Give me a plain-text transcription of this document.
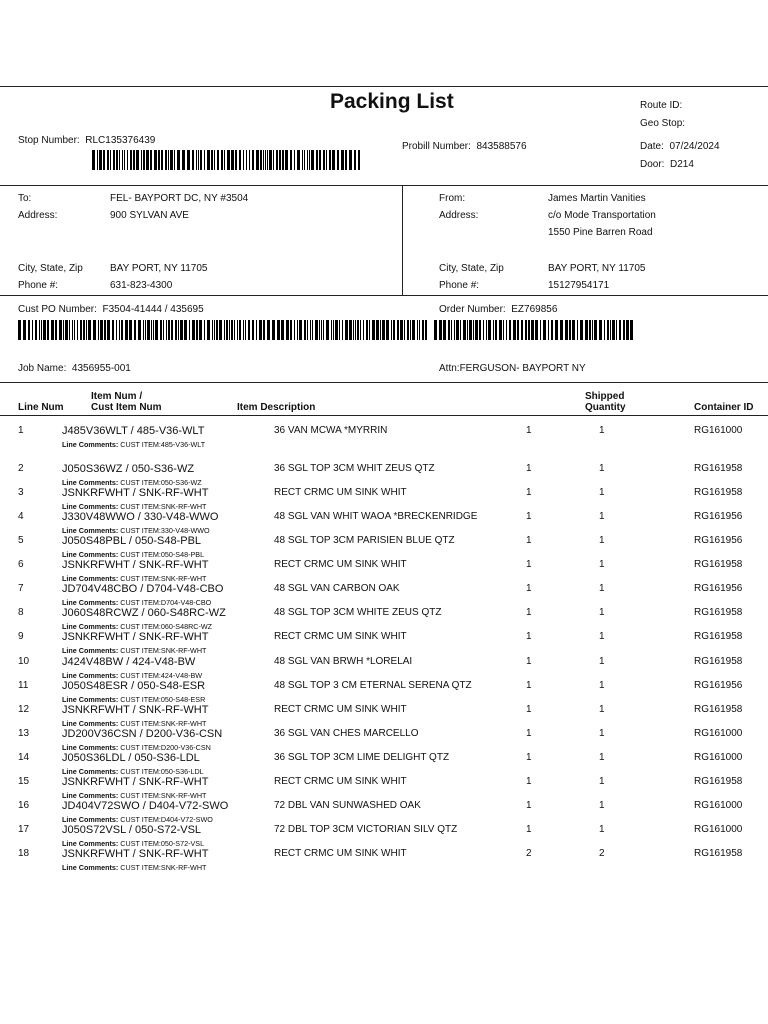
Packing List	Route ID:
Geo Stop:
Date: 07/24/2024
Door: D214
Stop Number: RLC135376439
Probill Number: 843588576
To:	FEL- BAYPORT DC, NY #3504
Address:	900 SYLVAN AVE
City, State, Zip	BAY PORT, NY 11705
Phone #:	631-823-4300
From:	James Martin Vanities
Address:	c/o Mode Transportation
1550 Pine Barren Road
City, State, Zip	BAY PORT, NY 11705
Phone #:	15127954171
Cust PO Number: F3504-41444 / 435695	Order Number: EZ769856
Job Name: 4356955-001	Attn:FERGUSON- BAYPORT NY
Line Num
Item Num /
Cust Item Num	Item Description
Shipped
Quantity	Container ID
1	J485V36WLT / 485-V36-WLT	36 VAN MCWA *MYRRIN	1	1	RG161000
Line Comments: CUST ITEM:485-V36-WLT
2	J050S36WZ / 050-S36-WZ	36 SGL TOP 3CM WHIT ZEUS QTZ	1	1	RG161958
Line Comments: CUST ITEM:050-S36-WZ
3	JSNKRFWHT / SNK-RF-WHT	RECT CRMC UM SINK WHIT	1	1	RG161958
Line Comments: CUST ITEM:SNK-RF-WHT
4	J330V48WWO / 330-V48-WWO	48 SGL VAN WHIT WAOA *BRECKENRIDGE	1	1	RG161956
Line Comments: CUST ITEM:330-V48-WWO
5	J050S48PBL / 050-S48-PBL	48 SGL TOP 3CM PARISIEN BLUE QTZ	1	1	RG161956
Line Comments: CUST ITEM:050-S48-PBL
6	JSNKRFWHT / SNK-RF-WHT	RECT CRMC UM SINK WHIT	1	1	RG161958
Line Comments: CUST ITEM:SNK-RF-WHT
7	JD704V48CBO / D704-V48-CBO	48 SGL VAN CARBON OAK	1	1	RG161956
Line Comments: CUST ITEM:D704-V48-CBO
8	J060S48RCWZ / 060-S48RC-WZ	48 SGL TOP 3CM WHITE ZEUS QTZ	1	1	RG161958
Line Comments: CUST ITEM:060-S48RC-WZ
9	JSNKRFWHT / SNK-RF-WHT	RECT CRMC UM SINK WHIT	1	1	RG161958
Line Comments: CUST ITEM:SNK-RF-WHT
10	J424V48BW / 424-V48-BW	48 SGL VAN BRWH *LORELAI	1	1	RG161958
Line Comments: CUST ITEM:424-V48-BW
11	J050S48ESR / 050-S48-ESR	48 SGL TOP 3 CM ETERNAL SERENA QTZ	1	1	RG161956
Line Comments: CUST ITEM:050-S48-ESR
12	JSNKRFWHT / SNK-RF-WHT	RECT CRMC UM SINK WHIT	1	1	RG161958
Line Comments: CUST ITEM:SNK-RF-WHT
13	JD200V36CSN / D200-V36-CSN	36 SGL VAN CHES MARCELLO	1	1	RG161000
Line Comments: CUST ITEM:D200-V36-CSN
14	J050S36LDL / 050-S36-LDL	36 SGL TOP 3CM LIME DELIGHT QTZ	1	1	RG161000
Line Comments: CUST ITEM:050-S36-LDL
15	JSNKRFWHT / SNK-RF-WHT	RECT CRMC UM SINK WHIT	1	1	RG161958
Line Comments: CUST ITEM:SNK-RF-WHT
16	JD404V72SWO / D404-V72-SWO	72 DBL VAN SUNWASHED OAK	1	1	RG161000
Line Comments: CUST ITEM:D404-V72-SWO
17	J050S72VSL / 050-S72-VSL	72 DBL TOP 3CM VICTORIAN SILV QTZ	1	1	RG161000
Line Comments: CUST ITEM:050-S72-VSL
18	JSNKRFWHT / SNK-RF-WHT	RECT CRMC UM SINK WHIT	2	2	RG161958
Line Comments: CUST ITEM:SNK-RF-WHT
